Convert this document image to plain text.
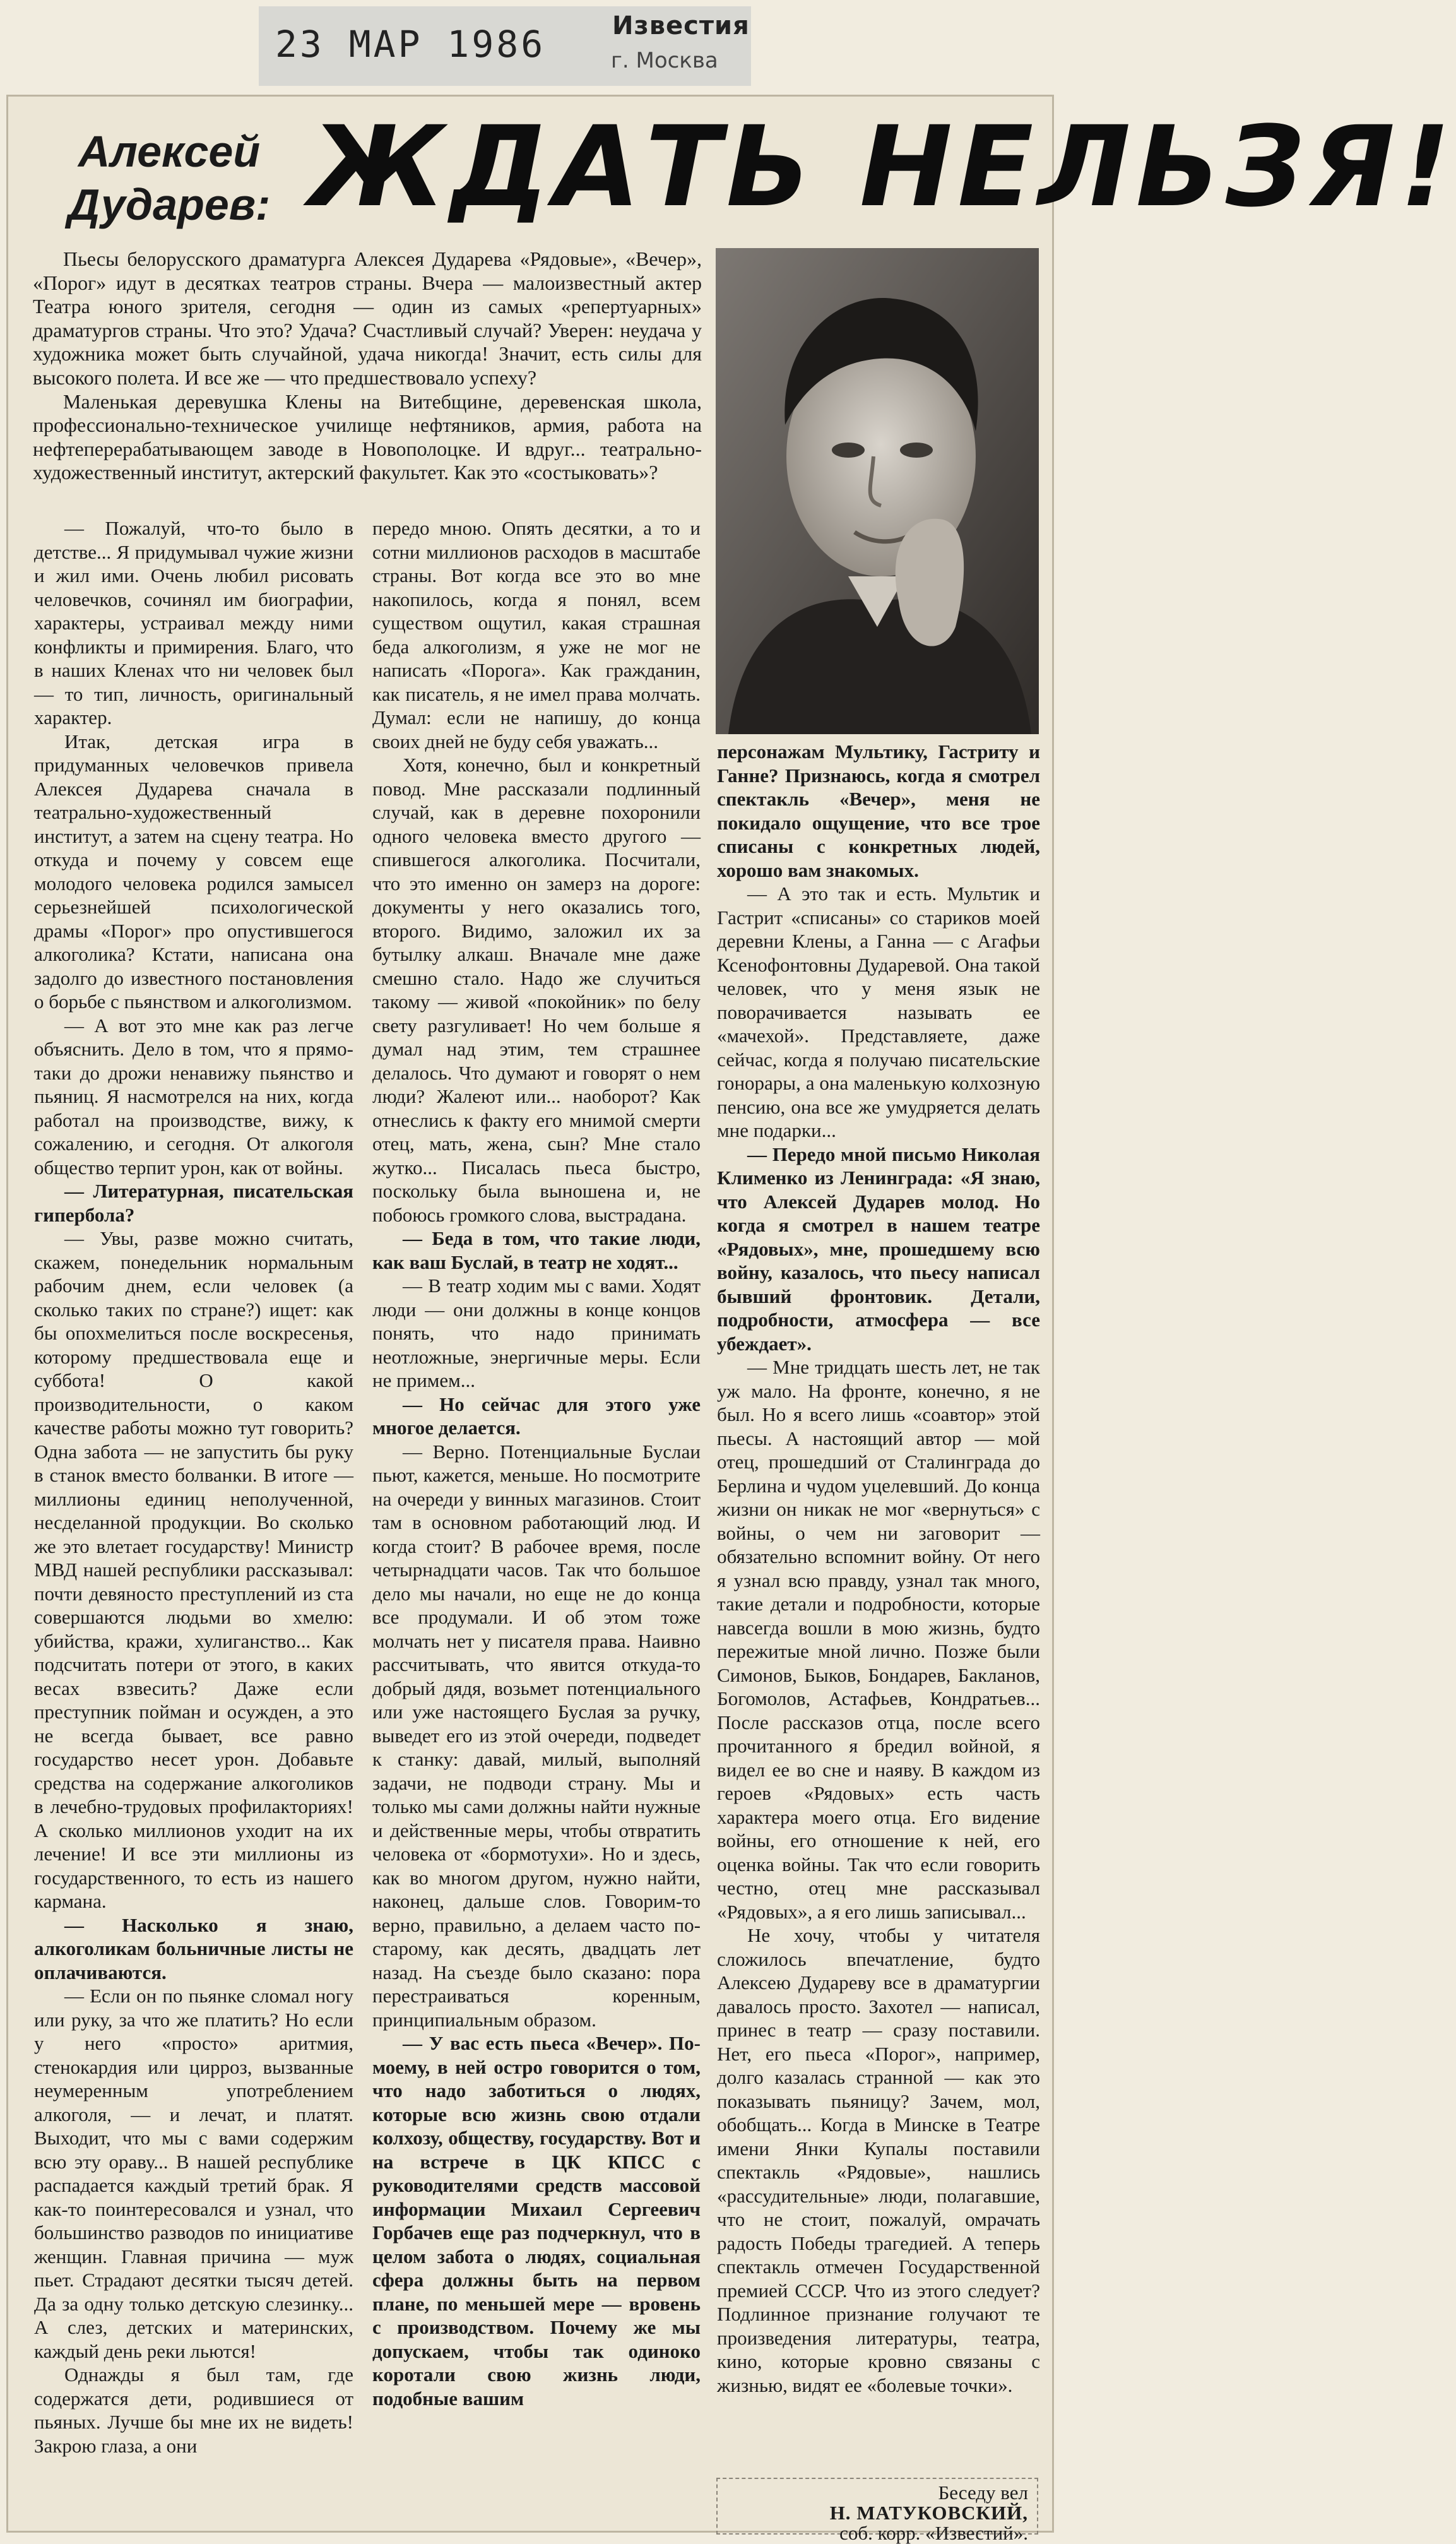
23 MAP 1986	Известия
г. Москва
Алексей Дударев: ЖДАТЬ НЕЛЬЗЯ!

Пьесы белорусского драматурга Алексея Дударева «Рядовые», «Вечер», «Порог» идут в десятках театров страны. Вчера — малоизвестный актер Театра юного зрителя, сегодня — один из самых «репертуарных» драматургов страны. Что это? Удача? Счастливый случай? Уверен: неудача у художника может быть случайной, удача никогда! Значит, есть силы для высокого полета. И все же — что предшествовало успеху?

Маленькая деревушка Клены на Витебщине, деревенская школа, профессионально-техническое училище нефтяников, армия, работа на нефтеперерабатывающем заводе в Новополоцке. И вдруг... театрально-художественный институт, актерский факультет. Как это «состыковать»?

— Пожалуй, что-то было в детстве... Я придумывал чужие жизни и жил ими. Очень любил рисовать человечков, сочинял им биографии, характеры, устраивал между ними конфликты и примирения. Благо, что в наших Кленах что ни человек был — то тип, личность, оригинальный характер.

Итак, детская игра в придуманных человечков привела Алексея Дударева сначала в театрально-художественный институт, а затем на сцену театра. Но откуда и почему у совсем еще молодого человека родился замысел серьезнейшей психологической драмы «Порог» про опустившегося алкоголика? Кстати, написана она задолго до известного постановления о борьбе с пьянством и алкоголизмом.

— А вот это мне как раз легче объяснить. Дело в том, что я прямо-таки до дрожи ненавижу пьянство и пьяниц. Я насмотрелся на них, когда работал на производстве, вижу, к сожалению, и сегодня. От алкоголя общество терпит урон, как от войны.

— Литературная, писательская гипербола?

— Увы, разве можно считать, скажем, понедельник нормальным рабочим днем, если человек (а сколько таких по стране?) ищет: как бы опохмелиться после воскресенья, которому предшествовала еще и суббота! О какой производительности, о каком качестве работы можно тут говорить? Одна забота — не запустить бы руку в станок вместо болванки. В итоге — миллионы единиц неполученной, несделанной продукции. Во сколько же это влетает государству! Министр МВД нашей республики рассказывал: почти девяносто преступлений из ста совершаются людьми во хмелю: убийства, кражи, хулиганство... Как подсчитать потери от этого, в каких весах взвесить? Даже если преступник пойман и осужден, а это не всегда бывает, все равно государство несет урон. Добавьте средства на содержание алкоголиков в лечебно-трудовых профилакториях! А сколько миллионов уходит на их лечение! И все эти миллионы из государственного, то есть из нашего кармана.

— Насколько я знаю, алкоголикам больничные листы не оплачиваются.

— Если он по пьянке сломал ногу или руку, за что же платить? Но если у него «просто» аритмия, стенокардия или цирроз, вызванные неумеренным употреблением алкоголя, — и лечат, и платят. Выходит, что мы с вами содержим всю эту ораву... В нашей республике распадается каждый третий брак. Я как-то поинтересовался и узнал, что большинство разводов по инициативе женщин. Главная причина — муж пьет. Страдают десятки тысяч детей. Да за одну только детскую слезинку... А слез, детских и материнских, каждый день реки льются!

Однажды я был там, где содержатся дети, родившиеся от пьяных. Лучше бы мне их не видеть! Закрою глаза, а они

передо мною. Опять десятки, а то и сотни миллионов расходов в масштабе страны. Вот когда все это во мне накопилось, когда я понял, всем существом ощутил, какая страшная беда алкоголизм, я уже не мог не написать «Порога». Как гражданин, как писатель, я не имел права молчать. Думал: если не напишу, до конца своих дней не буду себя уважать...

Хотя, конечно, был и конкретный повод. Мне рассказали подлинный случай, как в деревне похоронили одного человека вместо другого — спившегося алкоголика. Посчитали, что это именно он замерз на дороге: документы у него оказались того, второго. Видимо, заложил их за бутылку алкаш. Вначале мне даже смешно стало. Надо же случиться такому — живой «покойник» по белу свету разгуливает! Но чем больше я думал над этим, тем страшнее делалось. Что думают и говорят о нем люди? Жалеют или... наоборот? Как отнеслись к факту его мнимой смерти отец, мать, жена, сын? Мне стало жутко... Писалась пьеса быстро, поскольку была выношена и, не побоюсь громкого слова, выстрадана.

— Беда в том, что такие люди, как ваш Буслай, в театр не ходят...

— В театр ходим мы с вами. Ходят люди — они должны в конце концов понять, что надо принимать неотложные, энергичные меры. Если не примем...

— Но сейчас для этого уже многое делается.

— Верно. Потенциальные Буслаи пьют, кажется, меньше. Но посмотрите на очереди у винных магазинов. Стоит там в основном работающий люд. И когда стоит? В рабочее время, после четырнадцати часов. Так что большое дело мы начали, но еще не до конца все продумали. И об этом тоже молчать нет у писателя права. Наивно рассчитывать, что явится откуда-то добрый дядя, возьмет потенциального или уже настоящего Буслая за ручку, выведет его из этой очереди, подведет к станку: давай, милый, выполняй задачи, не подводи страну. Мы и только мы сами должны найти нужные и действенные меры, чтобы отвратить человека от «бормотухи». Но и здесь, как во многом другом, нужно найти, наконец, дальше слов. Говорим-то верно, правильно, а делаем часто по-старому, как десять, двадцать лет назад. На съезде было сказано: пора перестраиваться коренным, принципиальным образом.

— У вас есть пьеса «Вечер». По-моему, в ней остро говорится о том, что надо заботиться о людях, которые всю жизнь свою отдали колхозу, обществу, государству. Вот и на встрече в ЦК КПСС с руководителями средств массовой информации Михаил Сергеевич Горбачев еще раз подчеркнул, что в целом забота о людях, социальная сфера должны быть на первом плане, по меньшей мере — вровень с производством. Почему же мы допускаем, чтобы так одиноко коротали свою жизнь люди, подобные вашим

персонажам Мультику, Гастриту и Ганне? Признаюсь, когда я смотрел спектакль «Вечер», меня не покидало ощущение, что все трое списаны с конкретных людей, хорошо вам знакомых.

— А это так и есть. Мультик и Гастрит «списаны» со стариков моей деревни Клены, а Ганна — с Агафьи Ксенофонтовны Дударевой. Она такой человек, что у меня язык не поворачивается называть ее «мачехой». Представляете, даже сейчас, когда я получаю писательские гонорары, а она маленькую колхозную пенсию, она все же умудряется делать мне подарки...

— Передо мной письмо Николая Клименко из Ленинграда: «Я знаю, что Алексей Дударев молод. Но когда я смотрел в нашем театре «Рядовых», мне, прошедшему всю войну, казалось, что пьесу написал бывший фронтовик. Детали, подробности, атмосфера — все убеждает».

— Мне тридцать шесть лет, не так уж мало. На фронте, конечно, я не был. Но я всего лишь «соавтор» этой пьесы. А настоящий автор — мой отец, прошедший от Сталинграда до Берлина и чудом уцелевший. До конца жизни он никак не мог «вернуться» с войны, о чем ни заговорит — обязательно вспомнит войну. От него я узнал всю правду, узнал так много, такие детали и подробности, которые навсегда вошли в мою жизнь, будто пережитые мной лично. Позже были Симонов, Быков, Бондарев, Бакланов, Богомолов, Астафьев, Кондратьев... После рассказов отца, после всего прочитанного я бредил войной, я видел ее во сне и наяву. В каждом из героев «Рядовых» есть часть характера моего отца. Его видение войны, его отношение к ней, его оценка войны. Так что если говорить честно, отец мне рассказывал «Рядовых», а я его лишь записывал...

Не хочу, чтобы у читателя сложилось впечатление, будто Алексею Дудареву все в драматургии давалось просто. Захотел — написал, принес в театр — сразу поставили. Нет, его пьеса «Порог», например, долго казалась странной — как это показывать пьяницу? Зачем, мол, обобщать... Когда в Минске в Театре имени Янки Купалы поставили спектакль «Рядовые», нашлись «рассудительные» люди, полагавшие, что не стоит, пожалуй, омрачать радость Победы трагедией. А теперь спектакль отмечен Государственной премией СССР. Что из этого следует? Подлинное признание голучают те произведения литературы, театра, кино, которые кровно связаны с жизнью, видят ее «болевые точки».

Беседу вел
Н. МАТУКОВСКИЙ,
соб. корр. «Известий».
